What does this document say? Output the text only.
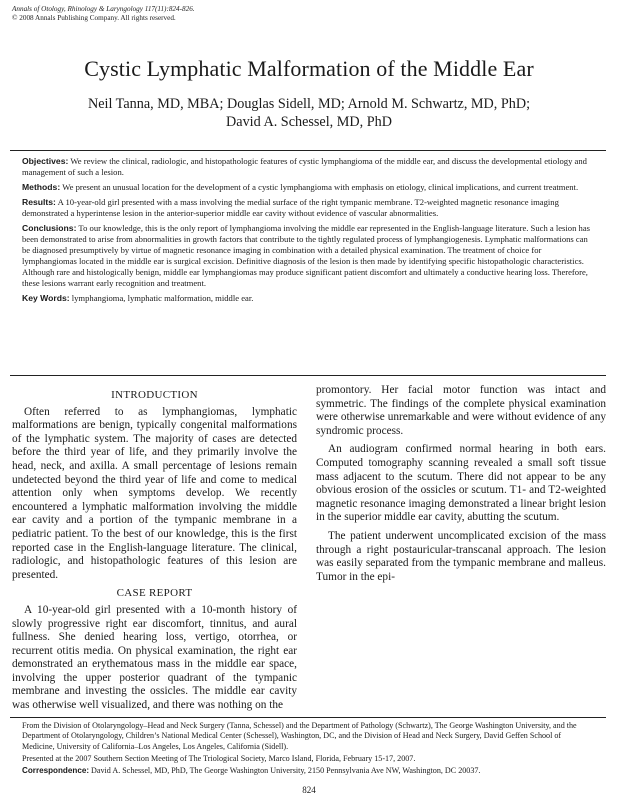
Annals of Otology, Rhinology & Laryngology 117(11):824-826.
© 2008 Annals Publishing Company. All rights reserved.
Cystic Lymphatic Malformation of the Middle Ear
Neil Tanna, MD, MBA; Douglas Sidell, MD; Arnold M. Schwartz, MD, PhD;
David A. Schessel, MD, PhD

Objectives: We review the clinical, radiologic, and histopathologic features of cystic lymphangioma of the middle ear, and discuss the developmental etiology and management of such a lesion.

Methods: We present an unusual location for the development of a cystic lymphangioma with emphasis on etiology, clinical implications, and current treatment.

Results: A 10-year-old girl presented with a mass involving the medial surface of the right tympanic membrane. T2-weighted magnetic resonance imaging demonstrated a hyperintense lesion in the anterior-superior middle ear cavity without evidence of vascular abnormalities.

Conclusions: To our knowledge, this is the only report of lymphangioma involving the middle ear represented in the English-language literature. Such a lesion has been demonstrated to arise from abnormalities in growth factors that contribute to the tightly regulated process of lymphangiogenesis. Lymphatic malformations can be diagnosed presumptively by virtue of magnetic resonance imaging in combination with a detailed physical examination. The treatment of choice for lymphangiomas located in the middle ear is surgical excision. Definitive diagnosis of the lesion is then made by identifying specific histopathologic characteristics. Although rare and histologically benign, middle ear lymphangiomas may produce significant patient discomfort and ultimately a conductive hearing loss. Therefore, these lesions warrant early recognition and treatment.

Key Words: lymphangioma, lymphatic malformation, middle ear.

INTRODUCTION

Often referred to as lymphangiomas, lymphatic malformations are benign, typically congenital malformations of the lymphatic system. The majority of cases are detected before the third year of life, and they primarily involve the head, neck, and axilla. A small percentage of lesions remain undetected beyond the third year of life and come to medical attention only when symptoms develop. We recently encountered a lymphatic malformation involving the middle ear cavity and a portion of the tympanic membrane in a pediatric patient. To the best of our knowledge, this is the first reported case in the English-language literature. The clinical, radiologic, and histopathologic features of this lesion are presented.

CASE REPORT

A 10-year-old girl presented with a 10-month history of slowly progressive right ear discomfort, tinnitus, and aural fullness. She denied hearing loss, vertigo, otorrhea, or recurrent otitis media. On physical examination, the right ear demonstrated an erythematous mass in the middle ear space, involving the upper posterior quadrant of the tympanic membrane and investing the ossicles. The middle ear cavity was otherwise well visualized, and there was nothing on the

promontory. Her facial motor function was intact and symmetric. The findings of the complete physical examination were otherwise unremarkable and were without evidence of any syndromic process.

An audiogram confirmed normal hearing in both ears. Computed tomography scanning revealed a small soft tissue mass adjacent to the scutum. There did not appear to be any obvious erosion of the ossicles or scutum. T1- and T2-weighted magnetic resonance imaging demonstrated a linear bright lesion in the superior middle ear cavity, abutting the scutum.

The patient underwent uncomplicated excision of the mass through a right postauricular-transcanal approach. The lesion was easily separated from the tympanic membrane and malleus. Tumor in the epi-

From the Division of Otolaryngology–Head and Neck Surgery (Tanna, Schessel) and the Department of Pathology (Schwartz), The George Washington University, and the Department of Otolaryngology, Children’s National Medical Center (Schessel), Washington, DC, and the Division of Head and Neck Surgery, David Geffen School of Medicine, University of California–Los Angeles, Los Angeles, California (Sidell).

Presented at the 2007 Southern Section Meeting of The Triological Society, Marco Island, Florida, February 15-17, 2007.

Correspondence: David A. Schessel, MD, PhD, The George Washington University, 2150 Pennsylvania Ave NW, Washington, DC 20037.

824
